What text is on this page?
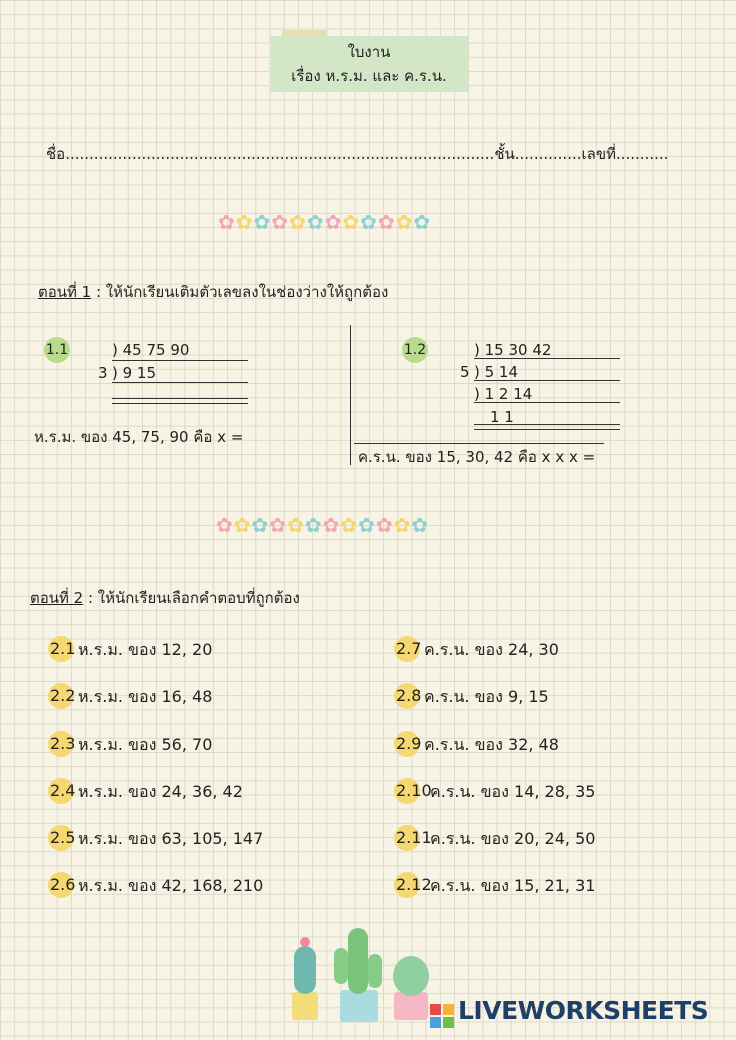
ใบงาน
เรื่อง ห.ร.ม. และ ค.ร.น.
ชื่อ..........................................................................................ชั้น..............เลขที่...........
✿✿✿✿✿✿✿✿✿✿✿✿
ตอนที่ 1 : ให้นักเรียนเติมตัวเลขลงในช่องว่างให้ถูกต้อง
1.1	) 45 75 90
3 ) 9 15
ห.ร.ม. ของ 45, 75, 90 คือ x =
1.2	) 15 30 42
5 ) 5 14
) 1 2 14
1 1
ค.ร.น. ของ 15, 30, 42 คือ x x x =
✿✿✿✿✿✿✿✿✿✿✿✿
ตอนที่ 2 : ให้นักเรียนเลือกคำตอบที่ถูกต้อง
2.1 ห.ร.ม. ของ 12, 20
2.2 ห.ร.ม. ของ 16, 48
2.3 ห.ร.ม. ของ 56, 70
2.4 ห.ร.ม. ของ 24, 36, 42
2.5 ห.ร.ม. ของ 63, 105, 147
2.6 ห.ร.ม. ของ 42, 168, 210
2.7 ค.ร.น. ของ 24, 30
2.8 ค.ร.น. ของ 9, 15
2.9 ค.ร.น. ของ 32, 48
2.10
ค.ร.น. ของ 14, 28, 35
2.11
ค.ร.น. ของ 20, 24, 50
2.12
ค.ร.น. ของ 15, 21, 31
LIVEWORKSHEETS
